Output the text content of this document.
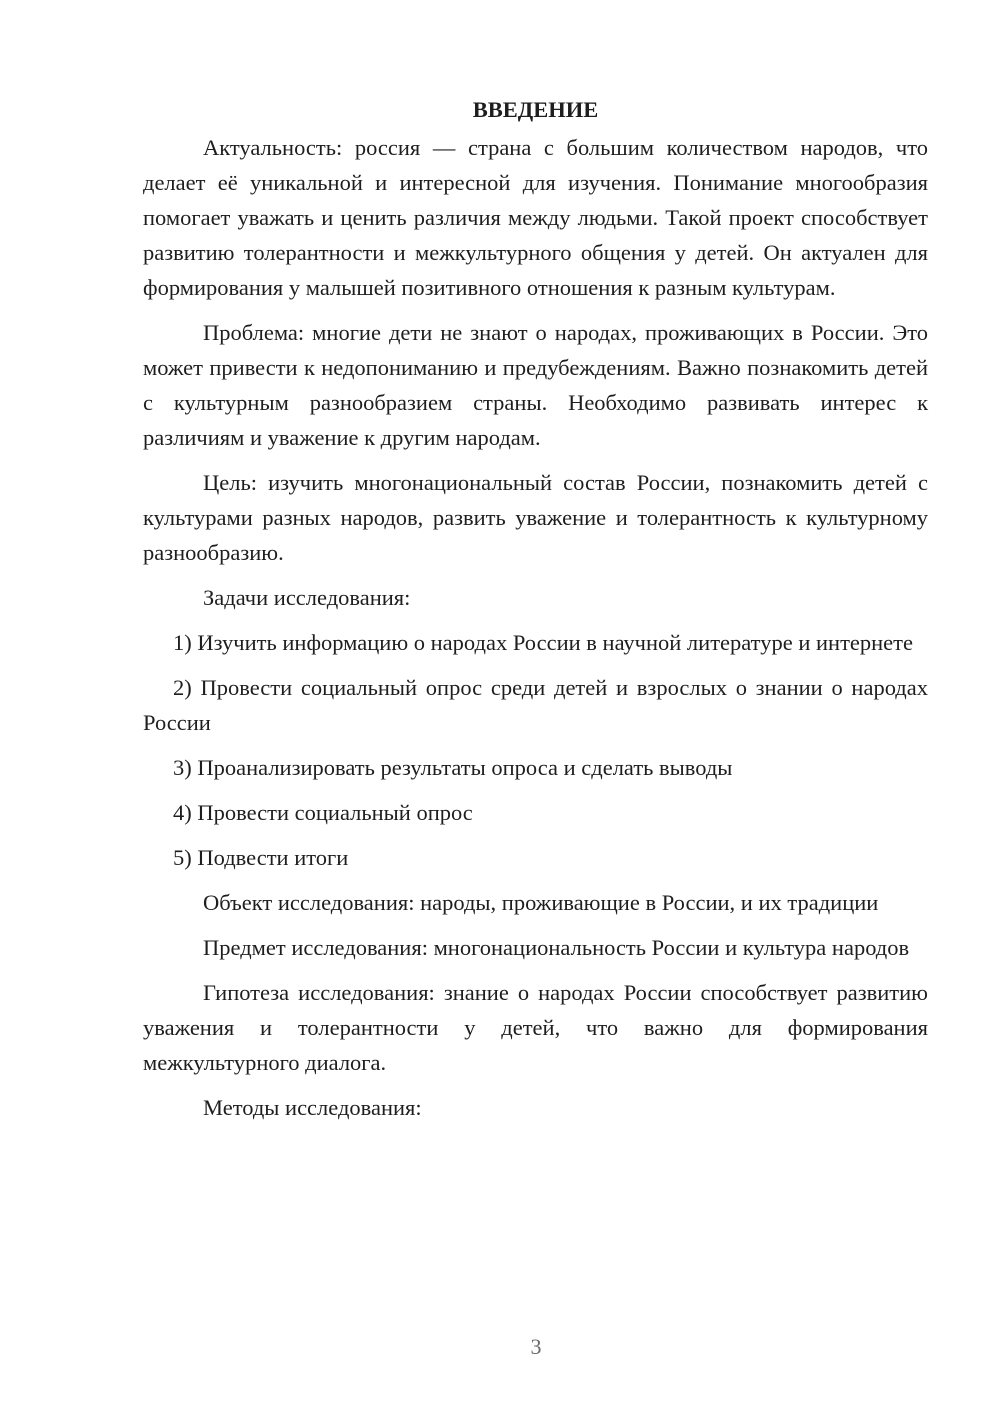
ВВЕДЕНИЕ

Актуальность: россия — страна с большим количеством народов, что делает её уникальной и интересной для изучения. Понимание многообразия помогает уважать и ценить различия между людьми. Такой проект способствует развитию толерантности и межкультурного общения у детей. Он актуален для формирования у малышей позитивного отношения к разным культурам.

Проблема: многие дети не знают о народах, проживающих в России. Это может привести к недопониманию и предубеждениям. Важно познакомить детей с культурным разнообразием страны. Необходимо развивать интерес к различиям и уважение к другим народам.

Цель: изучить многонациональный состав России, познакомить детей с культурами разных народов, развить уважение и толерантность к культурному разнообразию.

Задачи исследования:

1) Изучить информацию о народах России в научной литературе и интернете

2) Провести социальный опрос среди детей и взрослых о знании о народах России

3) Проанализировать результаты опроса и сделать выводы

4) Провести социальный опрос

5) Подвести итоги

Объект исследования: народы, проживающие в России, и их традиции

Предмет исследования: многонациональность России и культура народов

Гипотеза исследования: знание о народах России способствует развитию уважения и толерантности у детей, что важно для формирования межкультурного диалога.

Методы исследования:

3
